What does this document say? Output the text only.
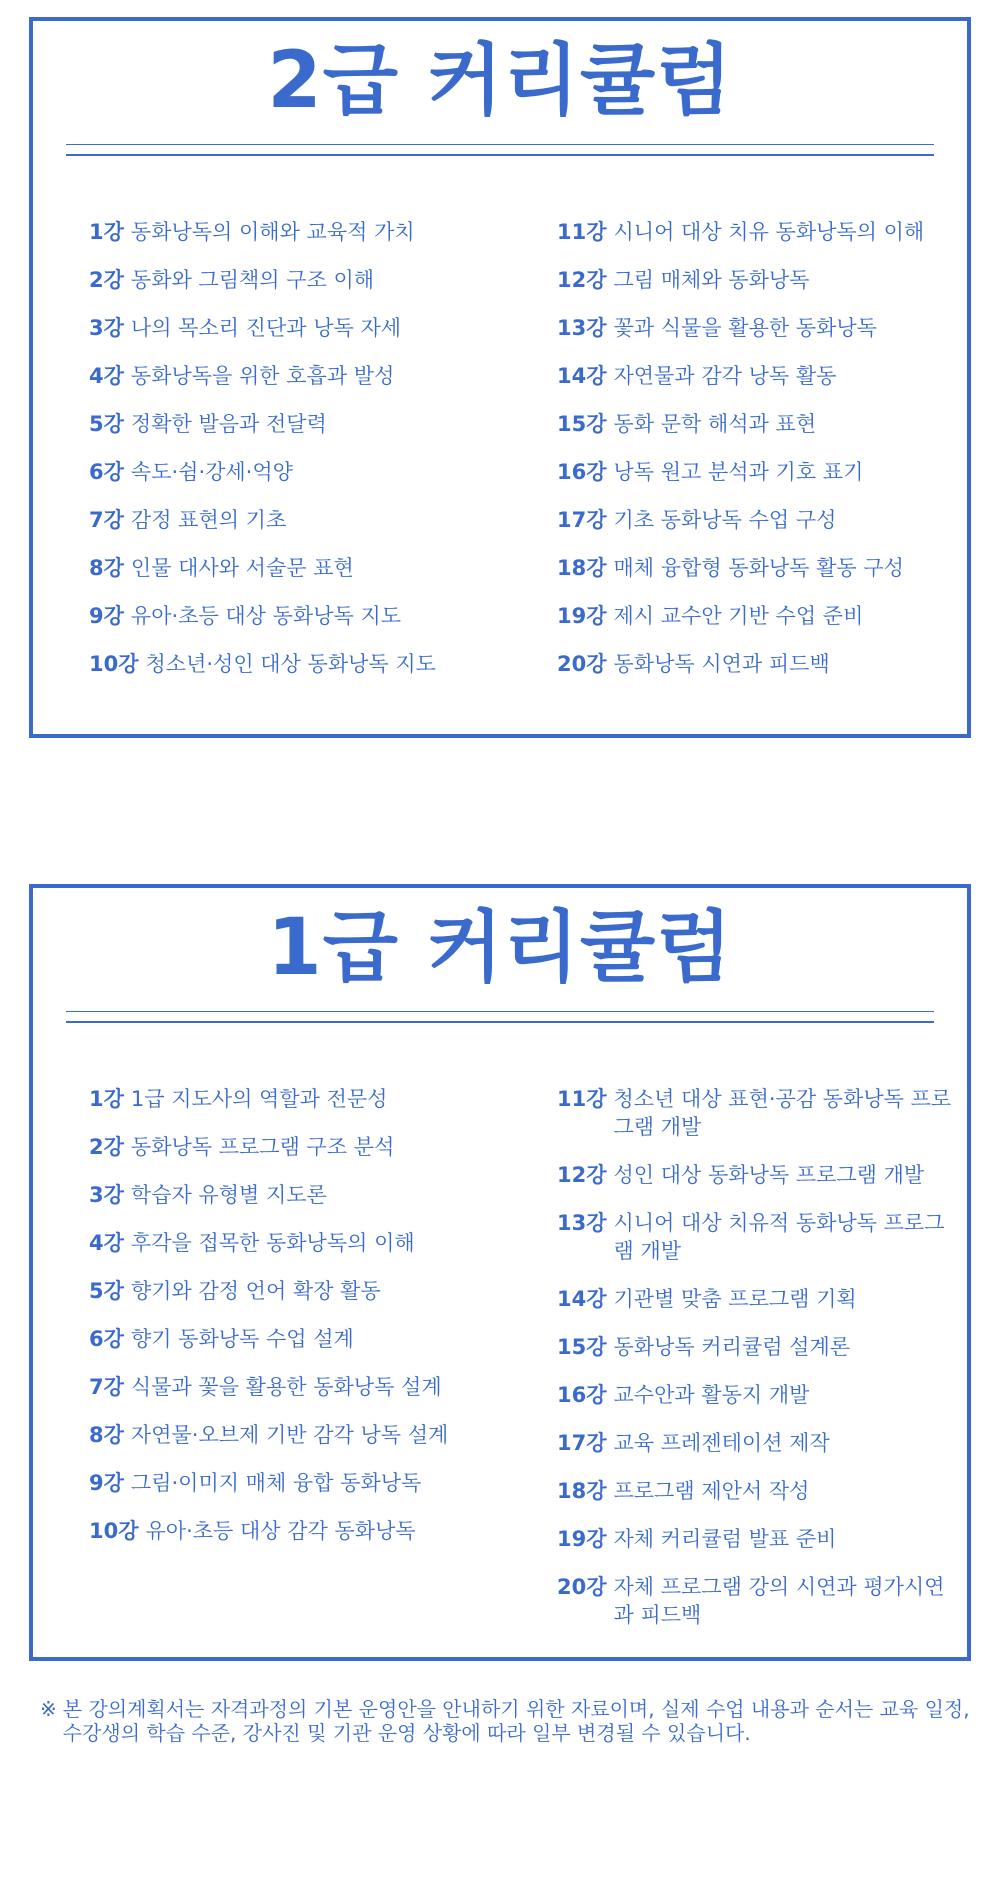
2급 커리큘럼
1강 동화낭독의 이해와 교육적 가치
2강 동화와 그림책의 구조 이해
3강 나의 목소리 진단과 낭독 자세
4강 동화낭독을 위한 호흡과 발성
5강 정확한 발음과 전달력
6강 속도·쉼·강세·억양
7강 감정 표현의 기초
8강 인물 대사와 서술문 표현
9강 유아·초등 대상 동화낭독 지도
10강 청소년·성인 대상 동화낭독 지도
11강 시니어 대상 치유 동화낭독의 이해
12강 그림 매체와 동화낭독
13강 꽃과 식물을 활용한 동화낭독
14강 자연물과 감각 낭독 활동
15강 동화 문학 해석과 표현
16강 낭독 원고 분석과 기호 표기
17강 기초 동화낭독 수업 구성
18강 매체 융합형 동화낭독 활동 구성
19강 제시 교수안 기반 수업 준비
20강 동화낭독 시연과 피드백
1급 커리큘럼
1강 1급 지도사의 역할과 전문성
2강 동화낭독 프로그램 구조 분석
3강 학습자 유형별 지도론
4강 후각을 접목한 동화낭독의 이해
5강 향기와 감정 언어 확장 활동
6강 향기 동화낭독 수업 설계
7강 식물과 꽃을 활용한 동화낭독 설계
8강 자연물·오브제 기반 감각 낭독 설계
9강 그림·이미지 매체 융합 동화낭독
10강 유아·초등 대상 감각 동화낭독
11강 청소년 대상 표현·공감 동화낭독 프로그램 개발
12강 성인 대상 동화낭독 프로그램 개발
13강 시니어 대상 치유적 동화낭독 프로그램 개발
14강 기관별 맞춤 프로그램 기획
15강 동화낭독 커리큘럼 설계론
16강 교수안과 활동지 개발
17강 교육 프레젠테이션 제작
18강 프로그램 제안서 작성
19강 자체 커리큘럼 발표 준비
20강 자체 프로그램 강의 시연과 평가시연과 피드백
※ 본 강의계획서는 자격과정의 기본 운영안을 안내하기 위한 자료이며, 실제 수업 내용과 순서는 교육 일정, 수강생의 학습 수준, 강사진 및 기관 운영 상황에 따라 일부 변경될 수 있습니다.
